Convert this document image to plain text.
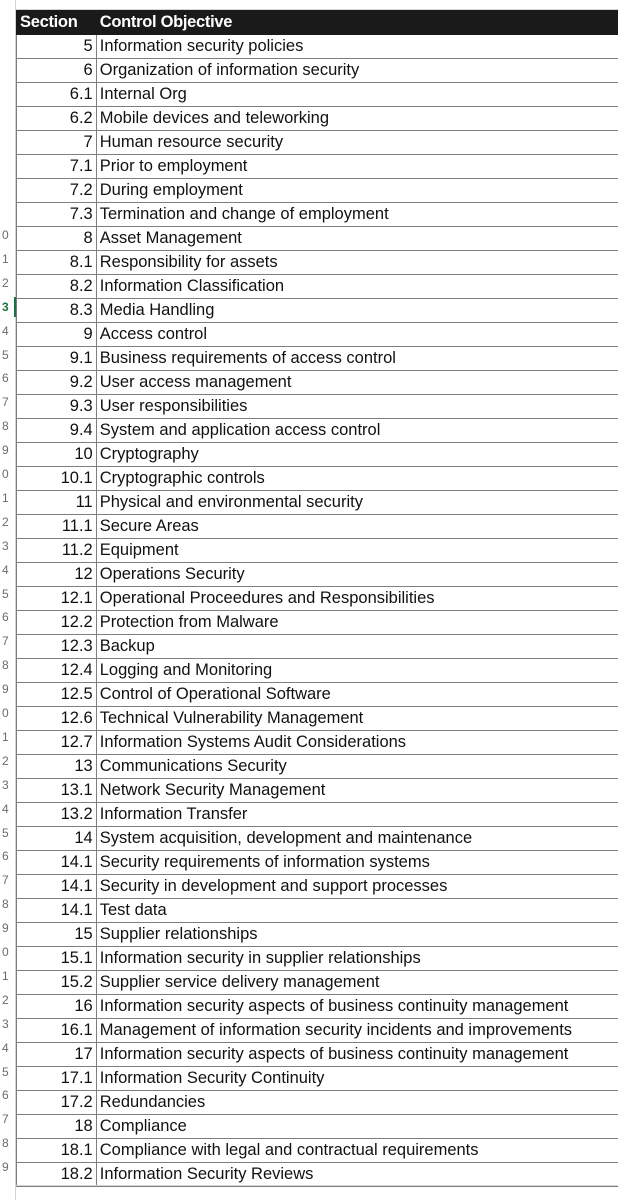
0
1
2
3
4
5
6
7
8
9
0
1
2
3
4
5
6
7
8
9
0
1
2
3
4
5
6
7
8
9
0
1
2
3
4
5
6
7
8
9
Section	Control Objective
5	Information security policies
6	Organization of information security
6.1	Internal Org
6.2	Mobile devices and teleworking
7	Human resource security
7.1	Prior to employment
7.2	During employment
7.3	Termination and change of employment
8	Asset Management
8.1	Responsibility for assets
8.2	Information Classification
8.3	Media Handling
9	Access control
9.1	Business requirements of access control
9.2	User access management
9.3	User responsibilities
9.4	System and application access control
10	Cryptography
10.1	Cryptographic controls
11	Physical and environmental security
11.1	Secure Areas
11.2	Equipment
12	Operations Security
12.1	Operational Proceedures and Responsibilities
12.2	Protection from Malware
12.3	Backup
12.4	Logging and Monitoring
12.5	Control of Operational Software
12.6	Technical Vulnerability Management
12.7	Information Systems Audit Considerations
13	Communications Security
13.1	Network Security Management
13.2	Information Transfer
14	System acquisition, development and maintenance
14.1	Security requirements of information systems
14.1	Security in development and support processes
14.1	Test data
15	Supplier relationships
15.1	Information security in supplier relationships
15.2	Supplier service delivery management
16	Information security aspects of business continuity management
16.1	Management of information security incidents and improvements
17	Information security aspects of business continuity management
17.1	Information Security Continuity
17.2	Redundancies
18	Compliance
18.1	Compliance with legal and contractual requirements
18.2	Information Security Reviews
